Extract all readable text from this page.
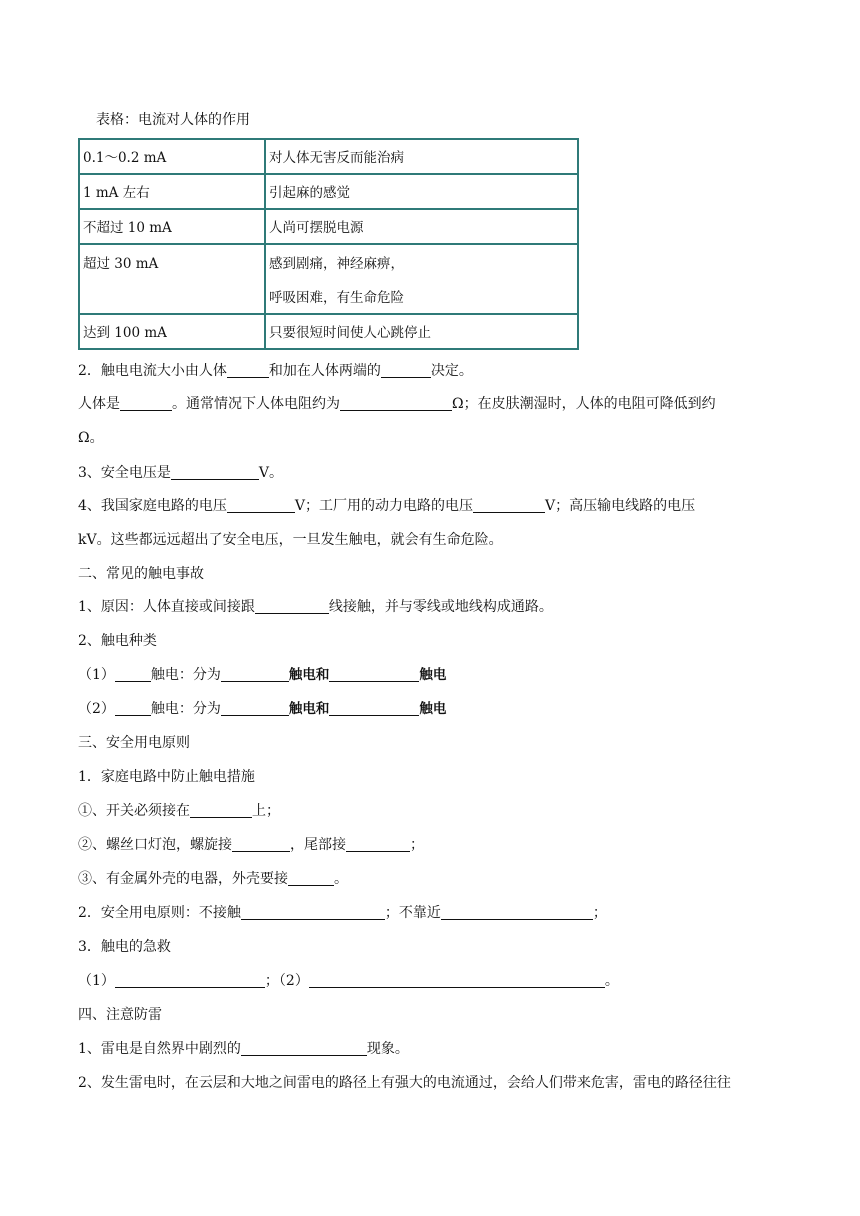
表格：电流对人体的作用
0.1～0.2 mA	对人体无害反而能治病
1 mA 左右	引起麻的感觉
不超过 10 mA	人尚可摆脱电源
超过 30 mA	感到剧痛，神经麻痹，
呼吸困难，有生命危险

达到 100 mA	只要很短时间使人心跳停止
2．触电电流大小由人体	和加在人体两端的	决定。
人体是	。通常情况下人体电阻约为	Ω；在皮肤潮湿时，人体的电阻可降低到约
Ω。
3、安全电压是	V。
4、我国家庭电路的电压	V；工厂用的动力电路的电压	V；高压输电线路的电压
kV。这些都远远超出了安全电压，一旦发生触电，就会有生命危险。
二、常见的触电事故
1、原因：人体直接或间接跟	线接触，并与零线或地线构成通路。
2、触电种类
（1）	触电：分为	触电和	触电
（2）	触电：分为	触电和	触电
三、安全用电原则
1．家庭电路中防止触电措施
①、开关必须接在	上；
②、螺丝口灯泡，螺旋接	，尾部接	；
③、有金属外壳的电器，外壳要接	。
2．安全用电原则：不接触	；不靠近	；
3．触电的急救
（1）	；（2）	。
四、注意防雷
1、雷电是自然界中剧烈的	现象。
2、发生雷电时，在云层和大地之间雷电的路径上有强大的电流通过，会给人们带来危害，雷电的路径往往
